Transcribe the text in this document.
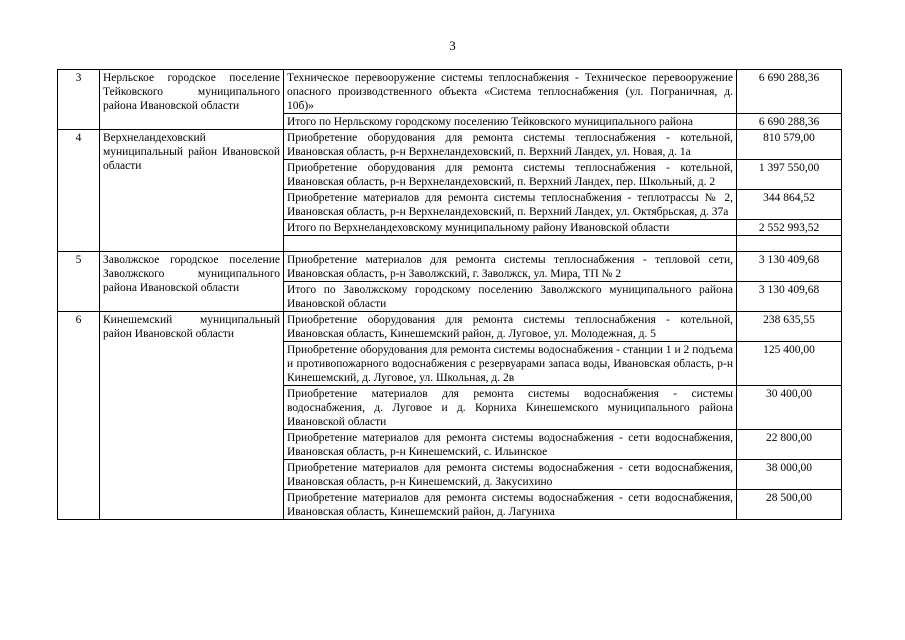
3
3	Нерльское городское поселение Тейковского муниципального района Ивановской области	Техническое перевооружение системы теплоснабжения - Техническое перевооружение опасного производственного объекта «Система теплоснабжения (ул. Пограничная, д. 10б)»	6 690 288,36
		Итого по Нерльскому городскому поселению Тейковского муниципального района	6 690 288,36
4	Верхнеландеховский муниципальный район Ивановской области	Приобретение оборудования для ремонта системы теплоснабжения - котельной, Ивановская область, р-н Верхнеландеховский, п. Верхний Ландех, ул. Новая, д. 1а	810 579,00
		Приобретение оборудования для ремонта системы теплоснабжения - котельной, Ивановская область, р-н Верхнеландеховский, п. Верхний Ландех, пер. Школьный, д. 2	1 397 550,00
		Приобретение материалов для ремонта системы теплоснабжения - теплотрассы № 2, Ивановская область, р-н Верхнеландеховский, п. Верхний Ландех, ул. Октябрьская, д. 37а	344 864,52
		Итого по Верхнеландеховскому муниципальному району Ивановской области	2 552 993,52

5	Заволжское городское поселение Заволжского муниципального района Ивановской области	Приобретение материалов для ремонта системы теплоснабжения - тепловой сети, Ивановская область, р-н Заволжский, г. Заволжск, ул. Мира, ТП № 2	3 130 409,68
		Итого по Заволжскому городскому поселению Заволжского муниципального района Ивановской области	3 130 409,68
6	Кинешемский муниципальный район Ивановской области	Приобретение оборудования для ремонта системы теплоснабжения - котельной, Ивановская область, Кинешемский район, д. Луговое, ул. Молодежная, д. 5	238 635,55
		Приобретение оборудования для ремонта системы водоснабжения - станции 1 и 2 подъема и противопожарного водоснабжения с резервуарами запаса воды, Ивановская область, р-н Кинешемский, д. Луговое, ул. Школьная, д. 2в	125 400,00
		Приобретение материалов для ремонта системы водоснабжения - системы водоснабжения, д. Луговое и д. Корниха Кинешемского муниципального района Ивановской области	30 400,00
		Приобретение материалов для ремонта системы водоснабжения - сети водоснабжения, Ивановская область, р-н Кинешемский, с. Ильинское	22 800,00
		Приобретение материалов для ремонта системы водоснабжения - сети водоснабжения, Ивановская область, р-н Кинешемский, д. Закусихино	38 000,00
		Приобретение материалов для ремонта системы водоснабжения - сети водоснабжения, Ивановская область, Кинешемский район, д. Лагуниха	28 500,00
